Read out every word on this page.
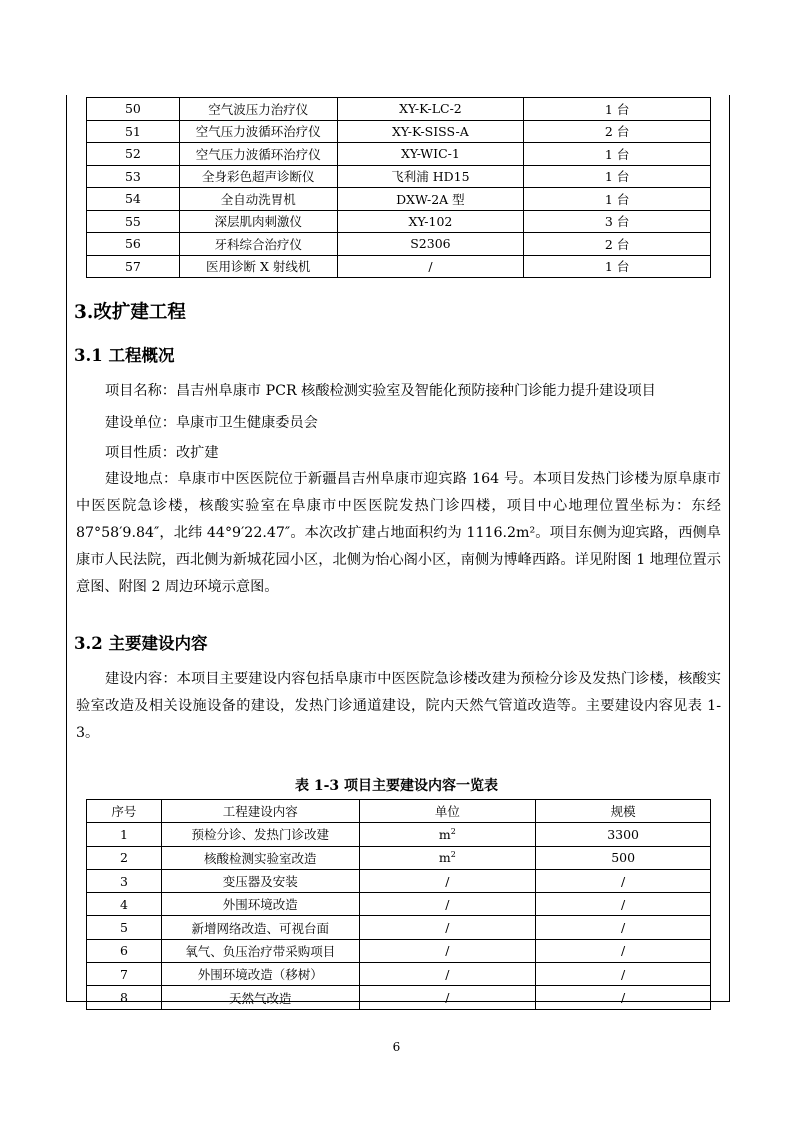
50	空气波压力治疗仪	XY-K-LC-2	1 台
51	空气压力波循环治疗仪	XY-K-SISS-A	2 台
52	空气压力波循环治疗仪	XY-WIC-1	1 台
53	全身彩色超声诊断仪	飞利浦 HD15	1 台
54	全自动洗胃机	DXW-2A 型	1 台
55	深层肌肉刺激仪	XY-102	3 台
56	牙科综合治疗仪	S2306	2 台
57	医用诊断 X 射线机	/	1 台
3.改扩建工程
3.1 工程概况
项目名称：昌吉州阜康市 PCR 核酸检测实验室及智能化预防接种门诊能力提升建设项目
建设单位：阜康市卫生健康委员会
项目性质：改扩建
建设地点：阜康市中医医院位于新疆昌吉州阜康市迎宾路 164 号。本项目发热门诊楼为原阜康市中医医院急诊楼，核酸实验室在阜康市中医医院发热门诊四楼，项目中心地理位置坐标为：东经 87°58′9.84″，北纬 44°9′22.47″。本次改扩建占地面积约为 1116.2m²。项目东侧为迎宾路，西侧阜康市人民法院，西北侧为新城花园小区，北侧为怡心阁小区，南侧为博峰西路。详见附图 1 地理位置示意图、附图 2 周边环境示意图。
3.2 主要建设内容
建设内容：本项目主要建设内容包括阜康市中医医院急诊楼改建为预检分诊及发热门诊楼，核酸实验室改造及相关设施设备的建设，发热门诊通道建设，院内天然气管道改造等。主要建设内容见表 1-3。
表 1-3 项目主要建设内容一览表
序号	工程建设内容	单位	规模
1	预检分诊、发热门诊改建	$m^2$	3300
2	核酸检测实验室改造	$m^2$	500
3	变压器及安装	/	/
4	外围环境改造	/	/
5	新增网络改造、可视台面	/	/
6	氧气、负压治疗带采购项目	/	/
7	外围环境改造（移树）	/	/
8	天然气改造	/	/
6
